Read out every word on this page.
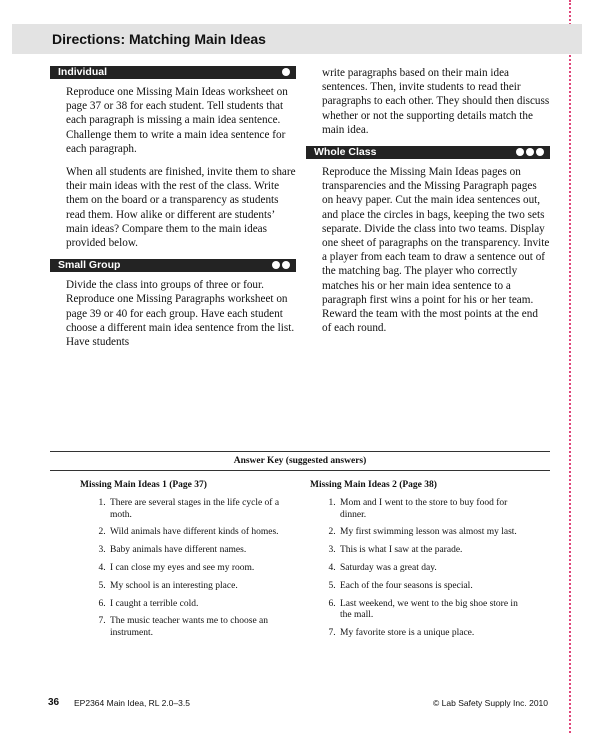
Directions: Matching Main Ideas
Individual

Reproduce one Missing Main Ideas worksheet on page 37 or 38 for each student. Tell students that each paragraph is missing a main idea sentence. Challenge them to write a main idea sentence for each paragraph.

When all students are finished, invite them to share their main ideas with the rest of the class. Write them on the board or a transparency as students read them. How alike or different are students’ main ideas? Compare them to the main ideas provided below.

Small Group

Divide the class into groups of three or four. Reproduce one Missing Paragraphs worksheet on page 39 or 40 for each group. Have each student choose a different main idea sentence from the list. Have students

write paragraphs based on their main idea sentences. Then, invite students to read their paragraphs to each other. They should then discuss whether or not the supporting details match the main idea.

Whole Class

Reproduce the Missing Main Ideas pages on transparencies and the Missing Paragraph pages on heavy paper. Cut the main idea sentences out, and place the circles in bags, keeping the two sets separate. Divide the class into two teams. Display one sheet of paragraphs on the transparency. Invite a player from each team to draw a sentence out of the matching bag. The player who correctly matches his or her main idea sentence to a paragraph first wins a point for his or her team. Reward the team with the most points at the end of each round.

Answer Key (suggested answers)
Missing Main Ideas 1 (Page 37)
1. There are several stages in the life cycle of a moth.
2. Wild animals have different kinds of homes.
3. Baby animals have different names.
4. I can close my eyes and see my room.
5. My school is an interesting place.
6. I caught a terrible cold.
7. The music teacher wants me to choose an instrument.
Missing Main Ideas 2 (Page 38)
1. Mom and I went to the store to buy food for dinner.
2. My first swimming lesson was almost my last.
3. This is what I saw at the parade.
4. Saturday was a great day.
5. Each of the four seasons is special.
6. Last weekend, we went to the big shoe store in the mall.
7. My favorite store is a unique place.
36 EP2364 Main Idea, RL 2.0–3.5	© Lab Safety Supply Inc. 2010
